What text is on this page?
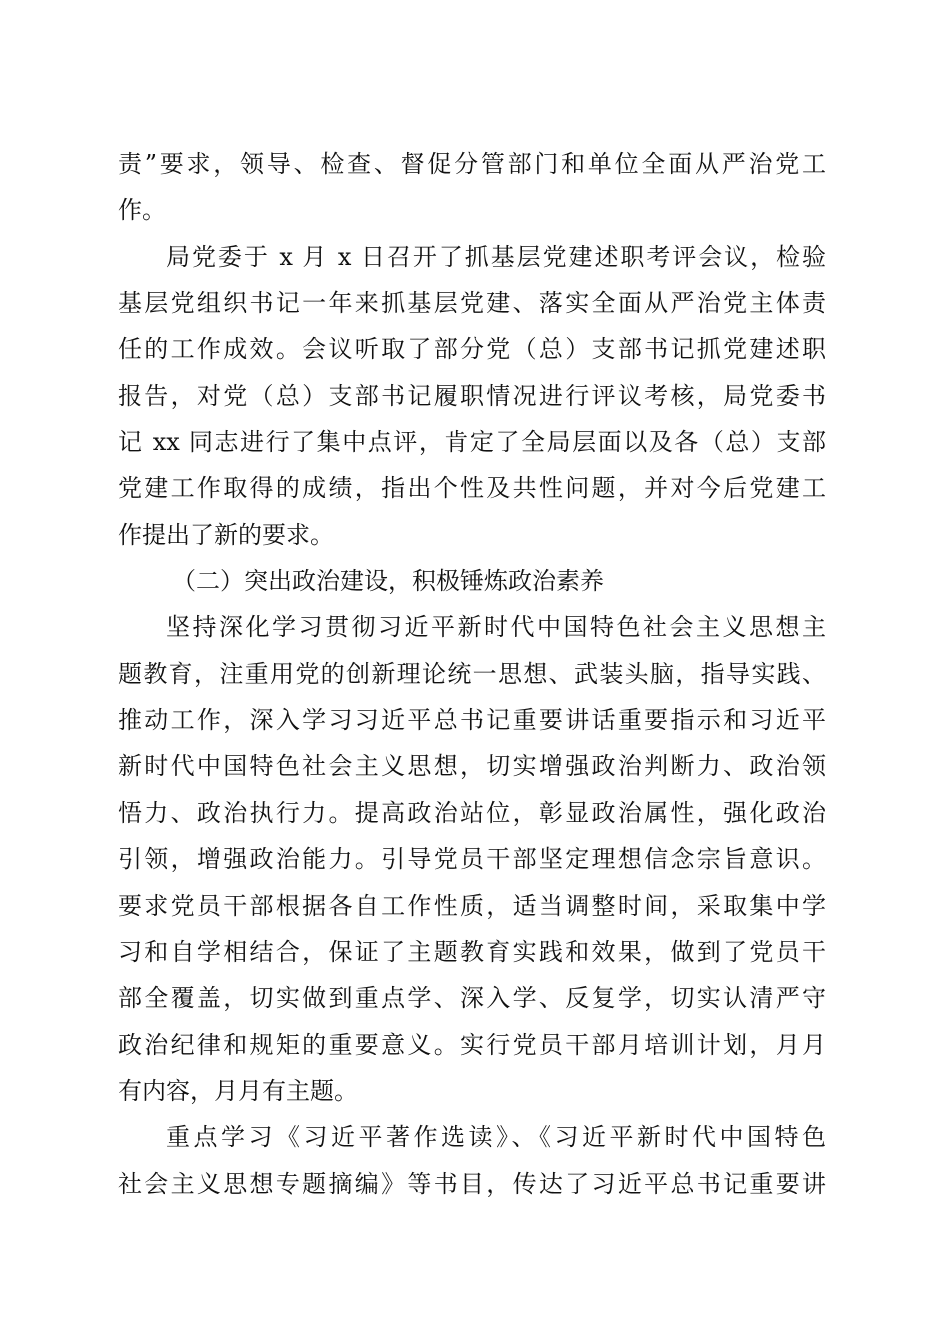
责”要求，领导、检查、督促分管部门和单位全面从严治党工
作。
局党委于 x 月 x 日召开了抓基层党建述职考评会议，检验
基层党组织书记一年来抓基层党建、落实全面从严治党主体责
任的工作成效。会议听取了部分党（总）支部书记抓党建述职
报告，对党（总）支部书记履职情况进行评议考核，局党委书
记 xx 同志进行了集中点评，肯定了全局层面以及各（总）支部
党建工作取得的成绩，指出个性及共性问题，并对今后党建工
作提出了新的要求。
（二）突出政治建设，积极锤炼政治素养
坚持深化学习贯彻习近平新时代中国特色社会主义思想主
题教育，注重用党的创新理论统一思想、武装头脑，指导实践、
推动工作，深入学习习近平总书记重要讲话重要指示和习近平
新时代中国特色社会主义思想，切实增强政治判断力、政治领
悟力、政治执行力。提高政治站位，彰显政治属性，强化政治
引领，增强政治能力。引导党员干部坚定理想信念宗旨意识。
要求党员干部根据各自工作性质，适当调整时间，采取集中学
习和自学相结合，保证了主题教育实践和效果，做到了党员干
部全覆盖，切实做到重点学、深入学、反复学，切实认清严守
政治纪律和规矩的重要意义。实行党员干部月培训计划，月月
有内容，月月有主题。
重点学习《习近平著作选读》、《习近平新时代中国特色
社会主义思想专题摘编》等书目，传达了习近平总书记重要讲
